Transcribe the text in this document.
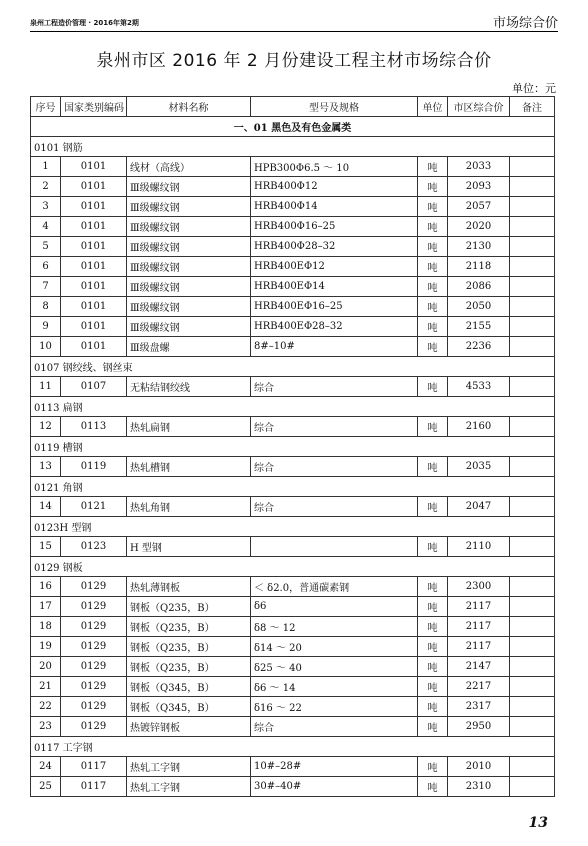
泉州工程造价管理 · 2016年第2期	市场综合价
泉州市区 2016 年 2 月份建设工程主材市场综合价
单位：元
序号	国家类别编码	材料名称	型号及规格	单位	市区综合价	备注
一、01 黑色及有色金属类						
0101 钢筋						
1	0101	线材（高线）	HPB300Φ6.5 ～ 10	吨	2033	
2	0101	Ⅲ级螺纹钢	HRB400Φ12	吨	2093	
3	0101	Ⅲ级螺纹钢	HRB400Φ14	吨	2057	
4	0101	Ⅲ级螺纹钢	HRB400Φ16–25	吨	2020	
5	0101	Ⅲ级螺纹钢	HRB400Φ28–32	吨	2130	
6	0101	Ⅲ级螺纹钢	HRB400EΦ12	吨	2118	
7	0101	Ⅲ级螺纹钢	HRB400EΦ14	吨	2086	
8	0101	Ⅲ级螺纹钢	HRB400EΦ16–25	吨	2050	
9	0101	Ⅲ级螺纹钢	HRB400EΦ28–32	吨	2155	
10	0101	Ⅲ级盘螺	8#–10#	吨	2236	
0107 钢绞线、钢丝束						
11	0107	无粘结钢绞线	综合	吨	4533	
0113 扁钢						
12	0113	热轧扁钢	综合	吨	2160	
0119 槽钢						
13	0119	热轧槽钢	综合	吨	2035	
0121 角钢						
14	0121	热轧角钢	综合	吨	2047	
0123H 型钢						
15	0123	H 型钢		吨	2110	
0129 钢板						
16	0129	热轧薄钢板	＜ δ2.0，普通碳素钢	吨	2300	
17	0129	钢板（Q235，B）	δ6	吨	2117	
18	0129	钢板（Q235，B）	δ8 ～ 12	吨	2117	
19	0129	钢板（Q235，B）	δ14 ～ 20	吨	2117	
20	0129	钢板（Q235，B）	δ25 ～ 40	吨	2147	
21	0129	钢板（Q345，B）	δ6 ～ 14	吨	2217	
22	0129	钢板（Q345，B）	δ16 ～ 22	吨	2317	
23	0129	热镀锌钢板	综合	吨	2950	
0117 工字钢						
24	0117	热轧工字钢	10#–28#	吨	2010	
25	0117	热轧工字钢	30#–40#	吨	2310	
13
